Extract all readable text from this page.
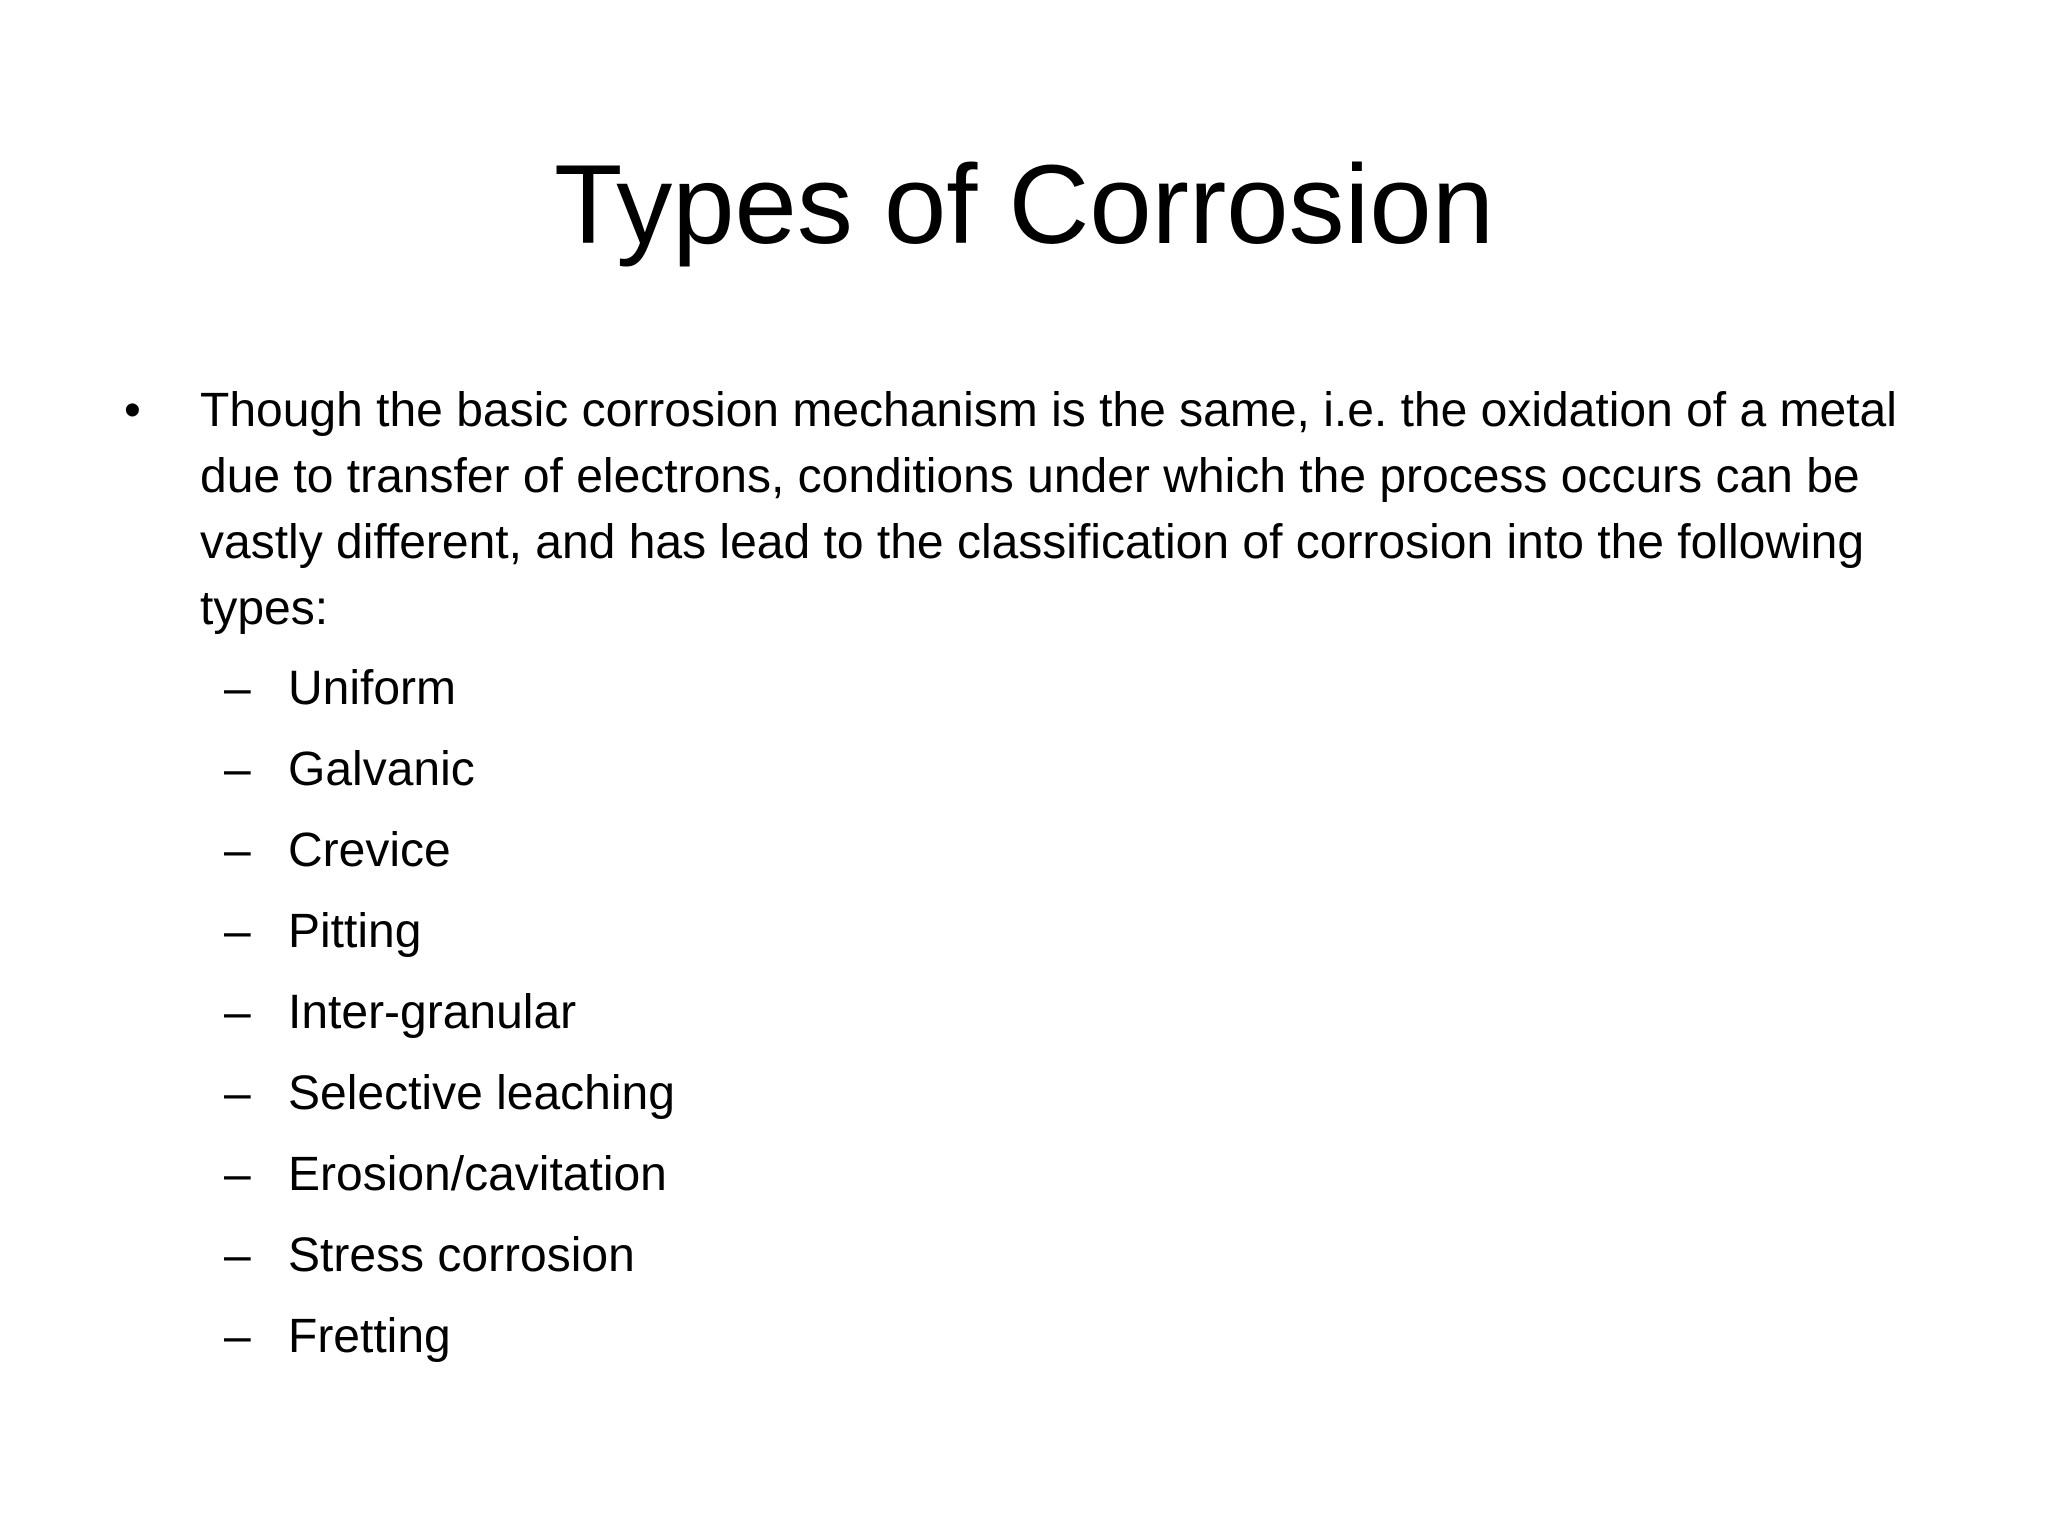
Types of Corrosion
• Though the basic corrosion mechanism is the same, i.e. the oxidation of a metal due to transfer of electrons, conditions under which the process occurs can be vastly different, and has lead to the classification of corrosion into the following types:
– Uniform
– Galvanic
– Crevice
– Pitting
– Inter-granular
– Selective leaching
– Erosion/cavitation
– Stress corrosion
– Fretting
